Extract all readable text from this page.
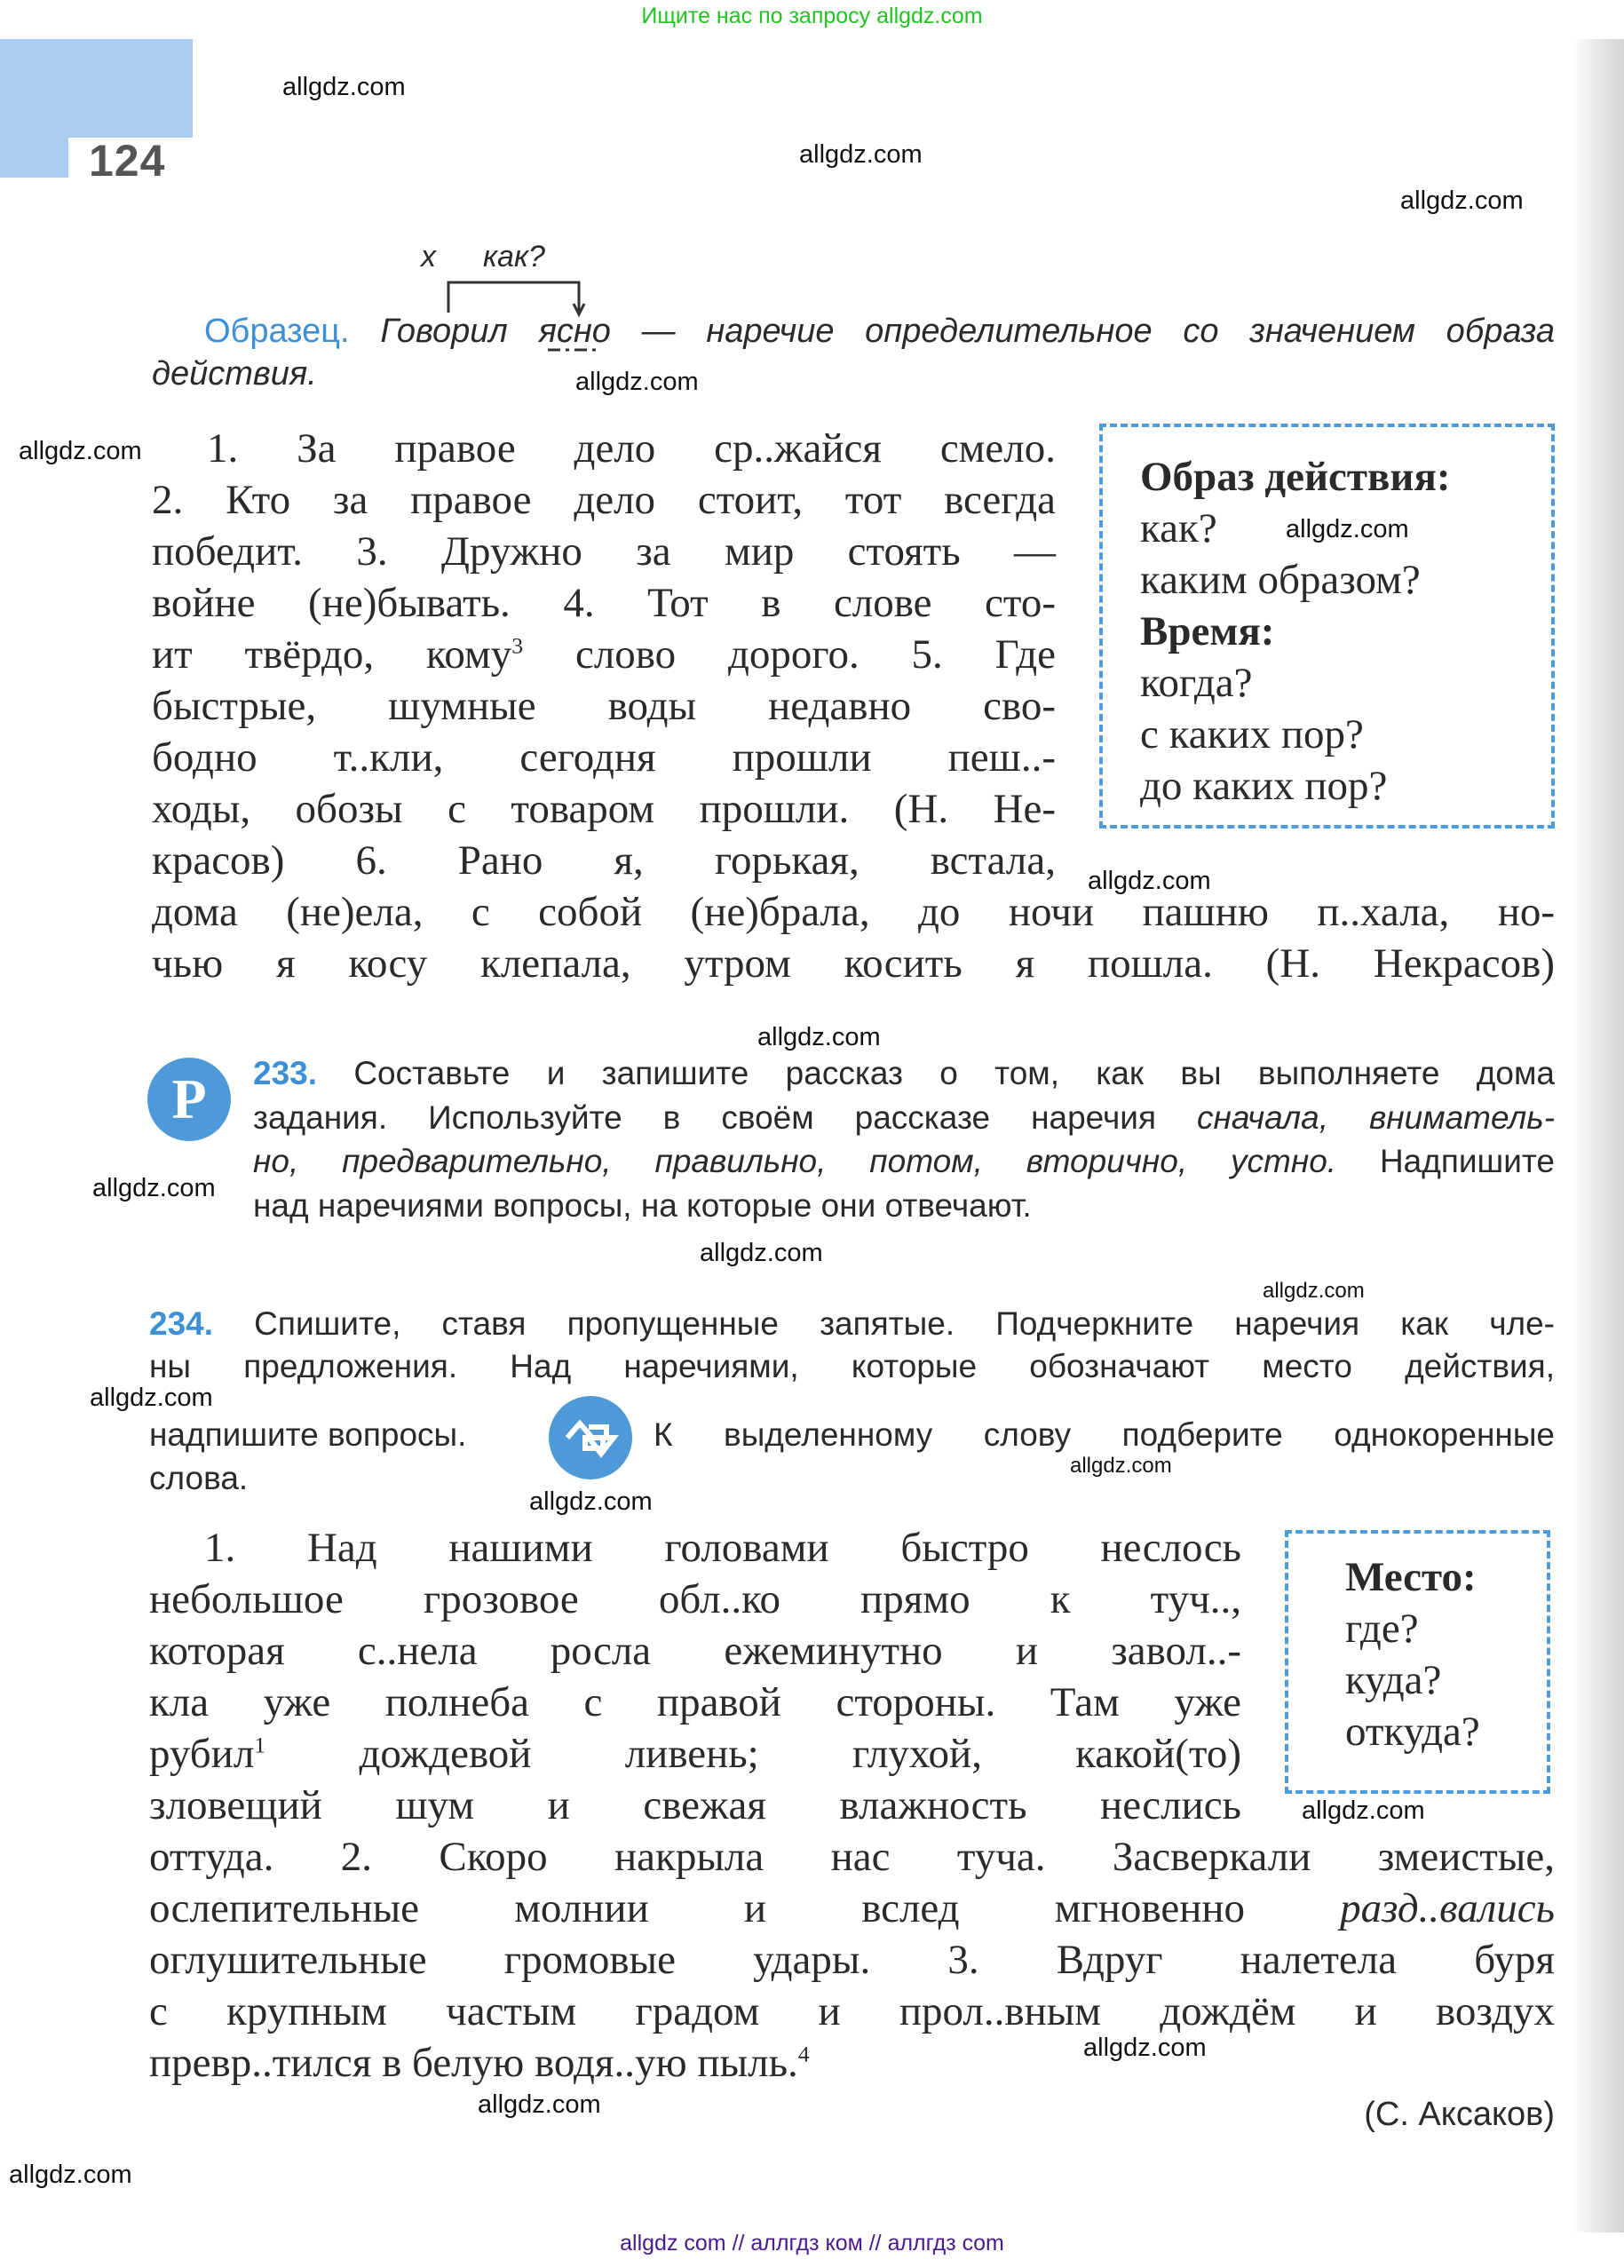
Ищите нас по запросу allgdz.com
124
allgdz.com
allgdz.com
allgdz.com
allgdz.com
allgdz.com
allgdz.com
allgdz.com
allgdz.com
allgdz.com
allgdz.com
allgdz.com
allgdz.com
allgdz.com
allgdz.com
allgdz.com
allgdz.com
allgdz.com
allgdz.com
х как?
Образец. Говорил ясно — наречие определительное со значением образа
действия.
1. За правое дело ср..жайся смело.
2. Кто за правое дело стоит, тот всегда
победит. 3. Дружно за мир стоять —
войне (не)бывать. 4. Тот в слове сто-
ит твёрдо, кому$^3$ слово дорого. 5. Где
быстрые, шумные воды недавно сво-
бодно т..кли, сегодня прошли пеш..-
ходы, обозы с товаром прошли. (Н. Не-
красов) 6. Рано я, горькая, встала,
дома (не)ела, с собой (не)брала, до ночи пашню п..хала, но-
чью я косу клепала, утром косить я пошла. (Н. Некрасов)
Образ действия:
как?
каким образом?
Время:
когда?
с каких пор?
до каких пор?
Р	233. Составьте и запишите рассказ о том, как вы выполняете дома
задания. Используйте в своём рассказе наречия сначала, вниматель-
но, предварительно, правильно, потом, вторично, устно. Надпишите
над наречиями вопросы, на которые они отвечают.
234. Спишите, ставя пропущенные запятые. Подчеркните наречия как чле-
ны предложения. Над наречиями, которые обозначают место действия,
надпишите вопросы.	К выделенному слову подберите однокоренные
слова.
1. Над нашими головами быстро неслось
небольшое грозовое обл..ко прямо к туч..,
которая с..нела росла ежеминутно и завол..-
кла уже полнеба с правой стороны. Там уже
рубил$^1$ дождевой ливень; глухой, какой(то)
зловещий шум и свежая влажность неслись
оттуда. 2. Скоро накрыла нас туча. Засверкали змеистые,
ослепительные молнии и вслед мгновенно разд..вались
оглушительные громовые удары. 3. Вдруг налетела буря
с крупным частым градом и прол..вным дождём и воздух
превр..тился в белую водя..ую пыль.$^4$
Место:
где?
куда?
откуда?
(С. Аксаков)
allgdz com // аллгдз ком // аллгдз com
